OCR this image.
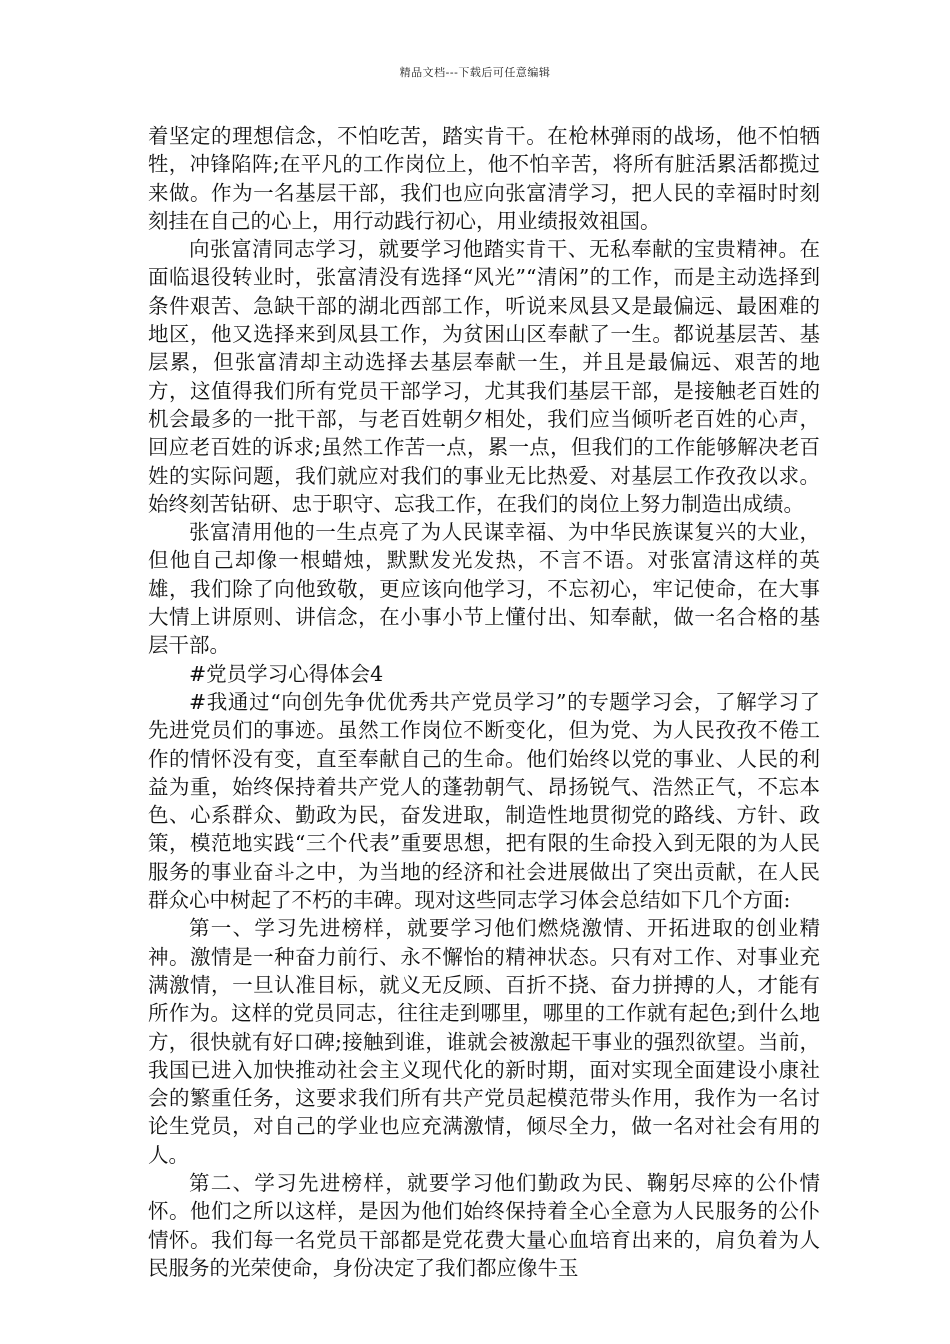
精品文档---下载后可任意编辑

着坚定的理想信念，不怕吃苦，踏实肯干。在枪林弹雨的战场，他不怕牺牲，冲锋陷阵;在平凡的工作岗位上，他不怕辛苦，将所有脏活累活都揽过来做。作为一名基层干部，我们也应向张富清学习，把人民的幸福时时刻刻挂在自己的心上，用行动践行初心，用业绩报效祖国。

向张富清同志学习，就要学习他踏实肯干、无私奉献的宝贵精神。在面临退役转业时，张富清没有选择“风光”“清闲”的工作，而是主动选择到条件艰苦、急缺干部的湖北西部工作，听说来凤县又是最偏远、最困难的地区，他又选择来到凤县工作，为贫困山区奉献了一生。都说基层苦、基层累，但张富清却主动选择去基层奉献一生，并且是最偏远、艰苦的地方，这值得我们所有党员干部学习，尤其我们基层干部，是接触老百姓的机会最多的一批干部，与老百姓朝夕相处，我们应当倾听老百姓的心声，回应老百姓的诉求;虽然工作苦一点，累一点，但我们的工作能够解决老百姓的实际问题，我们就应对我们的事业无比热爱、对基层工作孜孜以求。始终刻苦钻研、忠于职守、忘我工作，在我们的岗位上努力制造出成绩。

张富清用他的一生点亮了为人民谋幸福、为中华民族谋复兴的大业，但他自己却像一根蜡烛，默默发光发热，不言不语。对张富清这样的英雄，我们除了向他致敬，更应该向他学习，不忘初心，牢记使命，在大事大情上讲原则、讲信念，在小事小节上懂付出、知奉献，做一名合格的基层干部。

#党员学习心得体会4

#我通过“向创先争优优秀共产党员学习”的专题学习会，了解学习了先进党员们的事迹。虽然工作岗位不断变化，但为党、为人民孜孜不倦工作的情怀没有变，直至奉献自己的生命。他们始终以党的事业、人民的利益为重，始终保持着共产党人的蓬勃朝气、昂扬锐气、浩然正气，不忘本色、心系群众、勤政为民，奋发进取，制造性地贯彻党的路线、方针、政策，模范地实践“三个代表”重要思想，把有限的生命投入到无限的为人民服务的事业奋斗之中，为当地的经济和社会进展做出了突出贡献，在人民群众心中树起了不朽的丰碑。现对这些同志学习体会总结如下几个方面:

第一、学习先进榜样，就要学习他们燃烧激情、开拓进取的创业精神。激情是一种奋力前行、永不懈怡的精神状态。只有对工作、对事业充满激情，一旦认准目标，就义无反顾、百折不挠、奋力拼搏的人，才能有所作为。这样的党员同志，往往走到哪里，哪里的工作就有起色;到什么地方，很快就有好口碑;接触到谁，谁就会被激起干事业的强烈欲望。当前，我国已进入加快推动社会主义现代化的新时期，面对实现全面建设小康社会的繁重任务，这要求我们所有共产党员起模范带头作用，我作为一名讨论生党员，对自己的学业也应充满激情，倾尽全力，做一名对社会有用的人。

第二、学习先进榜样，就要学习他们勤政为民、鞠躬尽瘁的公仆情怀。他们之所以这样，是因为他们始终保持着全心全意为人民服务的公仆情怀。我们每一名党员干部都是党花费大量心血培育出来的，肩负着为人民服务的光荣使命，身份决定了我们都应像牛玉
